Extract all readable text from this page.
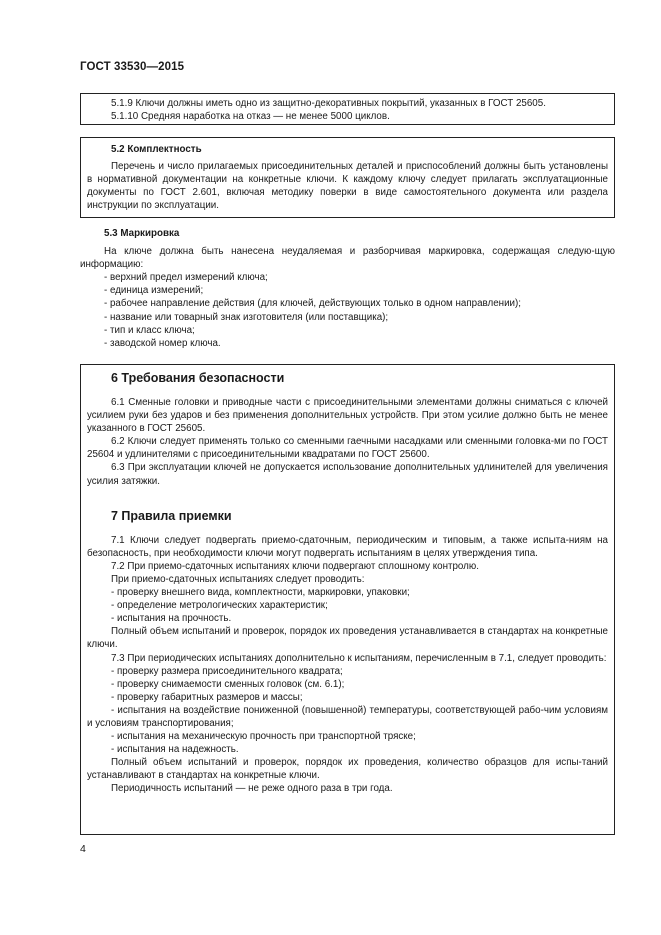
ГОСТ 33530—2015

5.1.9 Ключи должны иметь одно из защитно-декоративных покрытий, указанных в ГОСТ 25605.

5.1.10 Средняя наработка на отказ — не менее 5000 циклов.

5.2 Комплектность

Перечень и число прилагаемых присоединительных деталей и приспособлений должны быть установлены в нормативной документации на конкретные ключи. К каждому ключу следует прилагать эксплуатационные документы по ГОСТ 2.601, включая методику поверки в виде самостоятельного документа или раздела инструкции по эксплуатации.

5.3 Маркировка

На ключе должна быть нанесена неудаляемая и разборчивая маркировка, содержащая следую-щую информацию:

- верхний предел измерений ключа;

- единица измерений;

- рабочее направление действия (для ключей, действующих только в одном направлении);

- название или товарный знак изготовителя (или поставщика);

- тип и класс ключа;

- заводской номер ключа.

6 Требования безопасности

6.1 Сменные головки и приводные части с присоединительными элементами должны сниматься с ключей усилием руки без ударов и без применения дополнительных устройств. При этом усилие должно быть не менее указанного в ГОСТ 25605.

6.2 Ключи следует применять только со сменными гаечными насадками или сменными головка-ми по ГОСТ 25604 и удлинителями с присоединительными квадратами по ГОСТ 25600.

6.3 При эксплуатации ключей не допускается использование дополнительных удлинителей для увеличения усилия затяжки.

7 Правила приемки

7.1 Ключи следует подвергать приемо-сдаточным, периодическим и типовым, а также испыта-ниям на безопасность, при необходимости ключи могут подвергать испытаниям в целях утверждения типа.

7.2 При приемо-сдаточных испытаниях ключи подвергают сплошному контролю.

При приемо-сдаточных испытаниях следует проводить:

- проверку внешнего вида, комплектности, маркировки, упаковки;

- определение метрологических характеристик;

- испытания на прочность.

Полный объем испытаний и проверок, порядок их проведения устанавливается в стандартах на конкретные ключи.

7.3 При периодических испытаниях дополнительно к испытаниям, перечисленным в 7.1, следует проводить:

- проверку размера присоединительного квадрата;

- проверку снимаемости сменных головок (см. 6.1);

- проверку габаритных размеров и массы;

- испытания на воздействие пониженной (повышенной) температуры, соответствующей рабо-чим условиям и условиям транспортирования;

- испытания на механическую прочность при транспортной тряске;

- испытания на надежность.

Полный объем испытаний и проверок, порядок их проведения, количество образцов для испы-таний устанавливают в стандартах на конкретные ключи.

Периодичность испытаний — не реже одного раза в три года.

4
